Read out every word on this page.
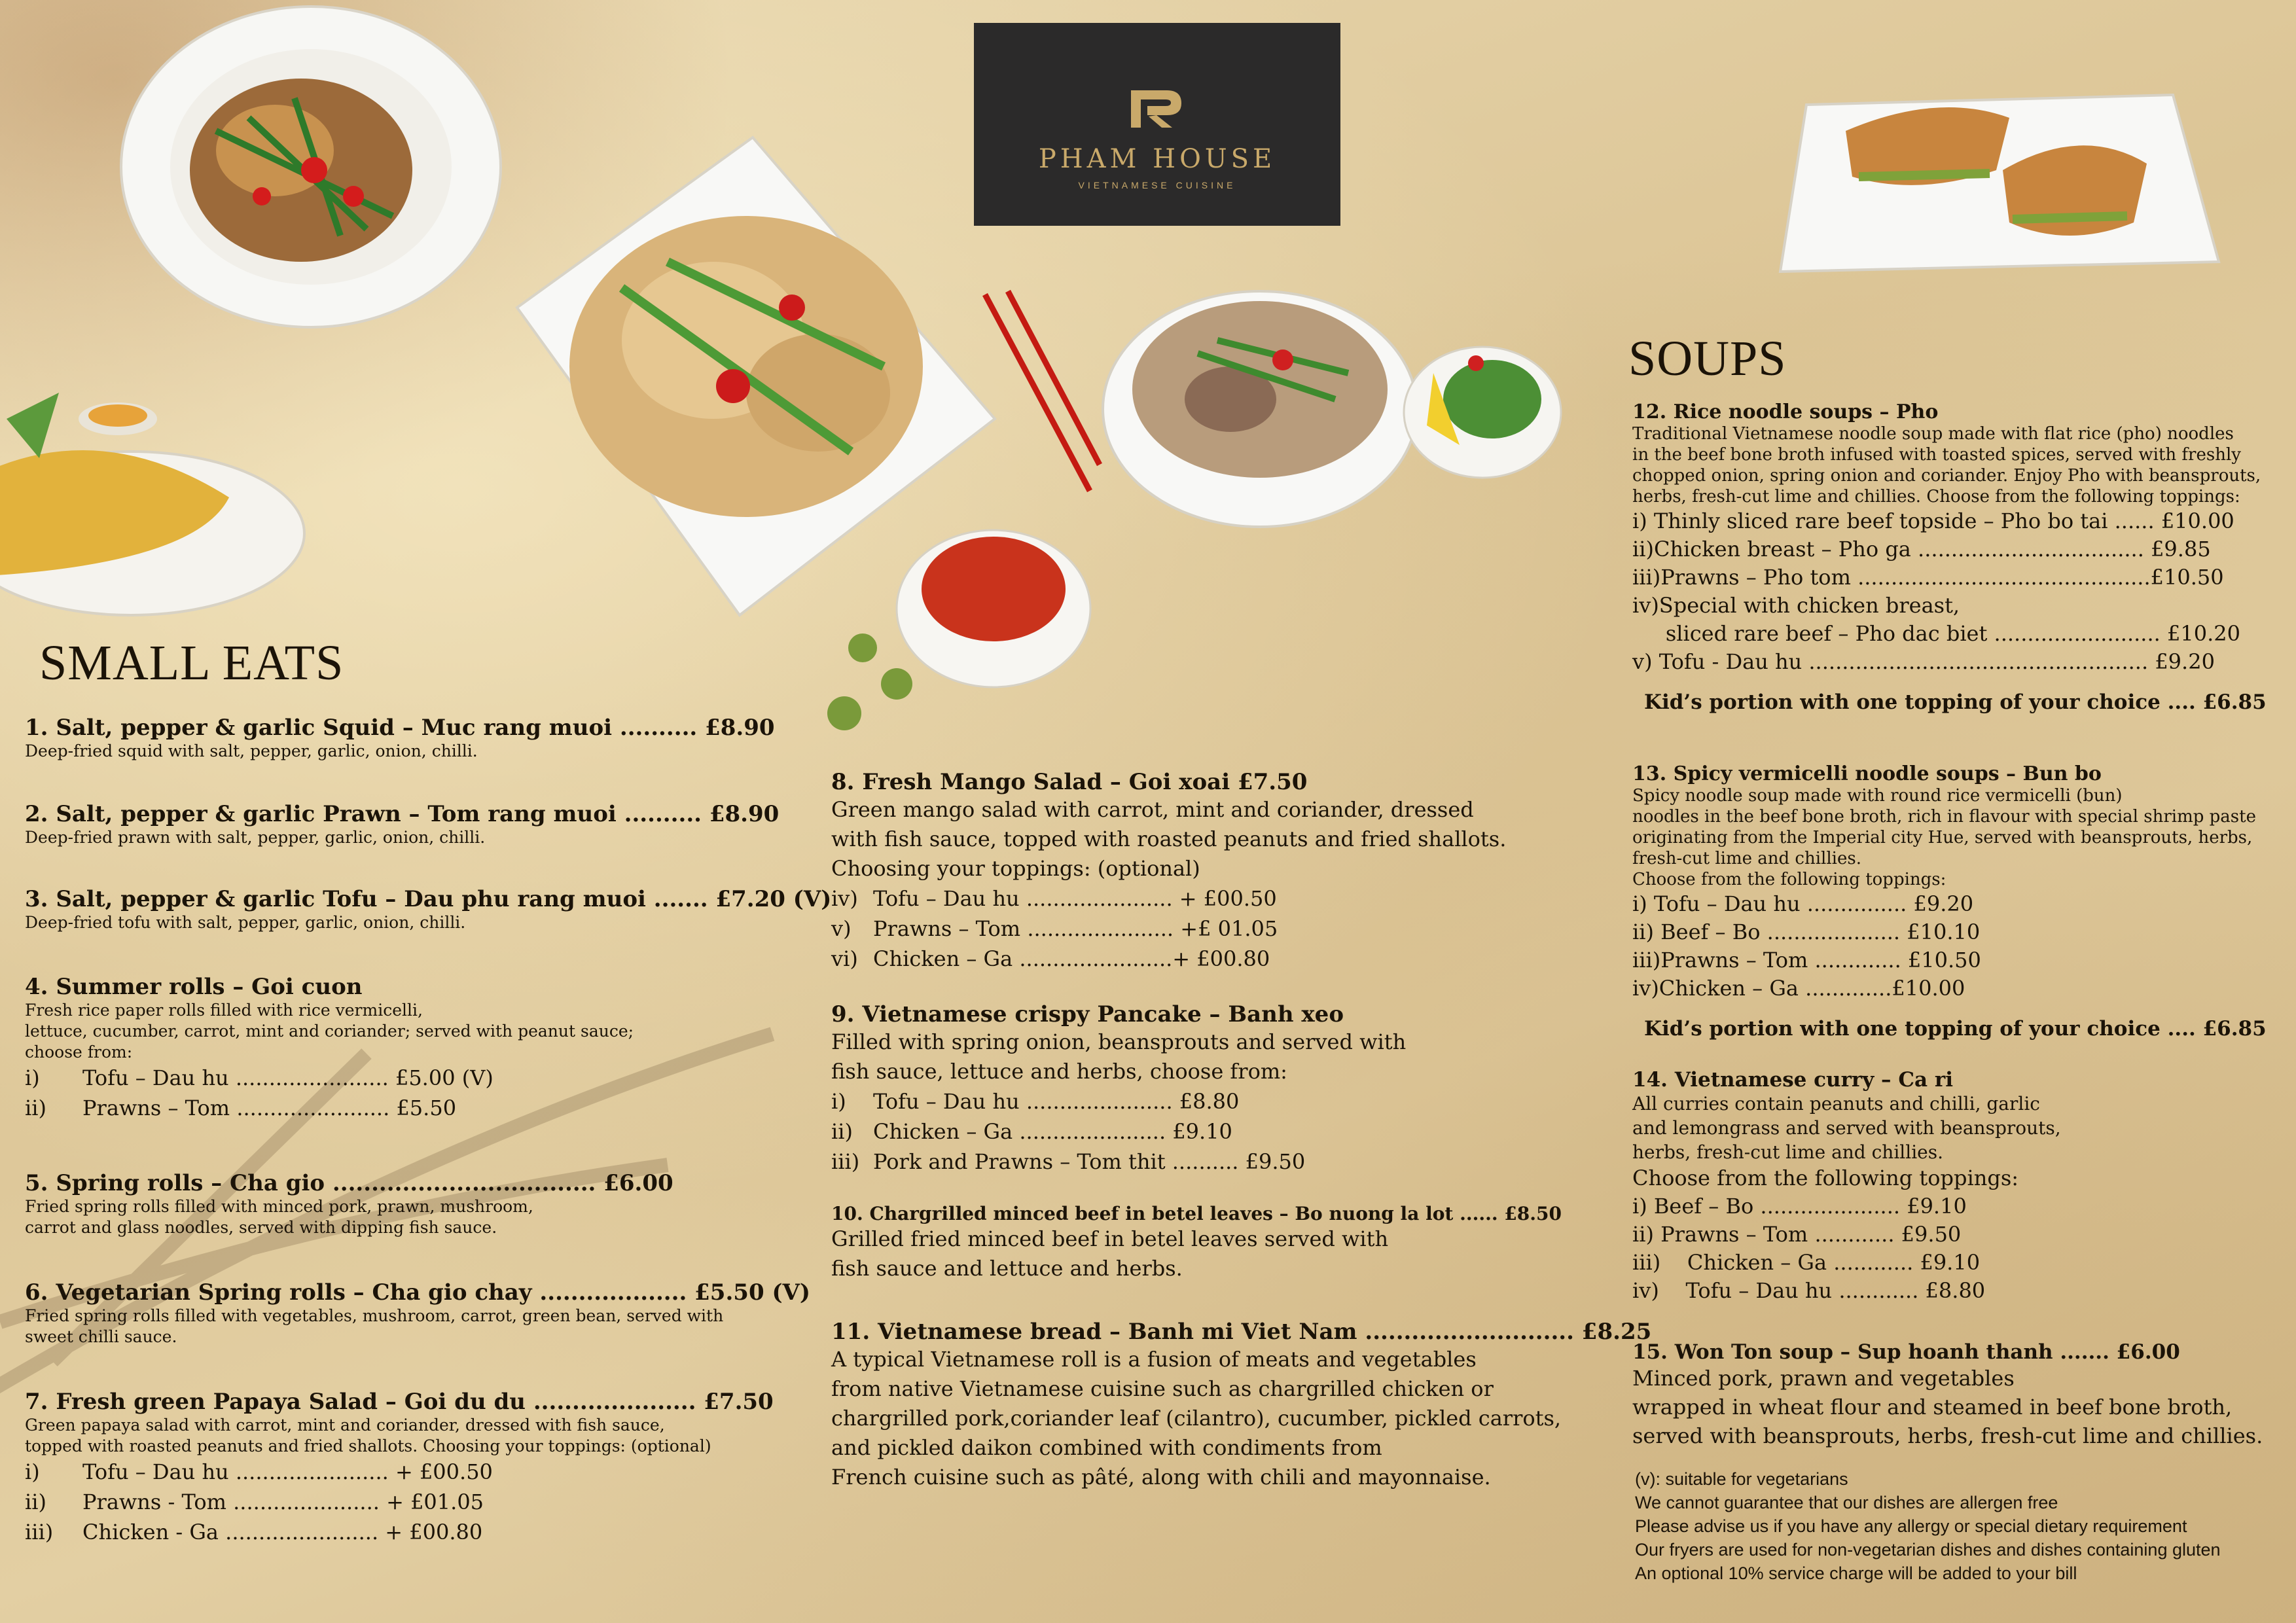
PHAM HOUSE
VIETNAMESE CUISINE
SMALL EATS
1. Salt, pepper & garlic Squid – Muc rang muoi .......... £8.90
Deep-fried squid with salt, pepper, garlic, onion, chilli.
2. Salt, pepper & garlic Prawn – Tom rang muoi .......... £8.90
Deep-fried prawn with salt, pepper, garlic, onion, chilli.
3. Salt, pepper & garlic Tofu – Dau phu rang muoi ....... £7.20 (V)
Deep-fried tofu with salt, pepper, garlic, onion, chilli.
4. Summer rolls – Goi cuon
Fresh rice paper rolls filled with rice vermicelli,
lettuce, cucumber, carrot, mint and coriander; served with peanut sauce;
choose from:
i) Tofu – Dau hu ....................... £5.00 (V)
ii) Prawns – Tom ....................... £5.50
5. Spring rolls – Cha gio .................................. £6.00
Fried spring rolls filled with minced pork, prawn, mushroom,
carrot and glass noodles, served with dipping fish sauce.
6. Vegetarian Spring rolls – Cha gio chay ................... £5.50 (V)
Fried spring rolls filled with vegetables, mushroom, carrot, green bean, served with
sweet chilli sauce.
7. Fresh green Papaya Salad – Goi du du ..................... £7.50
Green papaya salad with carrot, mint and coriander, dressed with fish sauce,
topped with roasted peanuts and fried shallots. Choosing your toppings: (optional)
i) Tofu – Dau hu ....................... + £00.50
ii) Prawns - Tom ...................... + £01.05
iii) Chicken - Ga ....................... + £00.80
8. Fresh Mango Salad – Goi xoai £7.50
Green mango salad with carrot, mint and coriander, dressed
with fish sauce, topped with roasted peanuts and fried shallots.
Choosing your toppings: (optional)
iv) Tofu – Dau hu ...................... + £00.50
v) Prawns – Tom ...................... +£ 01.05
vi) Chicken – Ga .......................+ £00.80
9. Vietnamese crispy Pancake – Banh xeo
Filled with spring onion, beansprouts and served with
fish sauce, lettuce and herbs, choose from:
i) Tofu – Dau hu ...................... £8.80
ii) Chicken – Ga ...................... £9.10
iii) Pork and Prawns – Tom thit .......... £9.50
10. Chargrilled minced beef in betel leaves – Bo nuong la lot ...... £8.50
Grilled fried minced beef in betel leaves served with
fish sauce and lettuce and herbs.
11. Vietnamese bread – Banh mi Viet Nam ........................... £8.25
A typical Vietnamese roll is a fusion of meats and vegetables
from native Vietnamese cuisine such as chargrilled chicken or
chargrilled pork,coriander leaf (cilantro), cucumber, pickled carrots,
and pickled daikon combined with condiments from
French cuisine such as pâté, along with chili and mayonnaise.
SOUPS
12. Rice noodle soups – Pho
Traditional Vietnamese noodle soup made with flat rice (pho) noodles
in the beef bone broth infused with toasted spices, served with freshly
chopped onion, spring onion and coriander. Enjoy Pho with beansprouts,
herbs, fresh-cut lime and chillies. Choose from the following toppings:
i) Thinly sliced rare beef topside – Pho bo tai ...... £10.00
ii)Chicken breast – Pho ga .................................. £9.85
iii)Prawns – Pho tom ............................................£10.50
iv)Special with chicken breast,
sliced rare beef – Pho dac biet ......................... £10.20
v) Tofu - Dau hu ................................................... £9.20
Kid’s portion with one topping of your choice .... £6.85
13. Spicy vermicelli noodle soups – Bun bo
Spicy noodle soup made with round rice vermicelli (bun)
noodles in the beef bone broth, rich in flavour with special shrimp paste
originating from the Imperial city Hue, served with beansprouts, herbs,
fresh-cut lime and chillies.
Choose from the following toppings:
i) Tofu – Dau hu ............... £9.20
ii) Beef – Bo .................... £10.10
iii)Prawns – Tom ............. £10.50
iv)Chicken – Ga .............£10.00
Kid’s portion with one topping of your choice .... £6.85
14. Vietnamese curry – Ca ri
All curries contain peanuts and chilli, garlic
and lemongrass and served with beansprouts,
herbs, fresh-cut lime and chillies.
Choose from the following toppings:
i) Beef – Bo ..................... £9.10
ii) Prawns – Tom ............ £9.50
iii)    Chicken – Ga ............ £9.10
iv)    Tofu – Dau hu ............ £8.80
15. Won Ton soup – Sup hoanh thanh ....... £6.00
Minced pork, prawn and vegetables
wrapped in wheat flour and steamed in beef bone broth,
served with beansprouts, herbs, fresh-cut lime and chillies.
(v): suitable for vegetarians
We cannot guarantee that our dishes are allergen free
Please advise us if you have any allergy or special dietary requirement
Our fryers are used for non-vegetarian dishes and dishes containing gluten
An optional 10% service charge will be added to your bill
